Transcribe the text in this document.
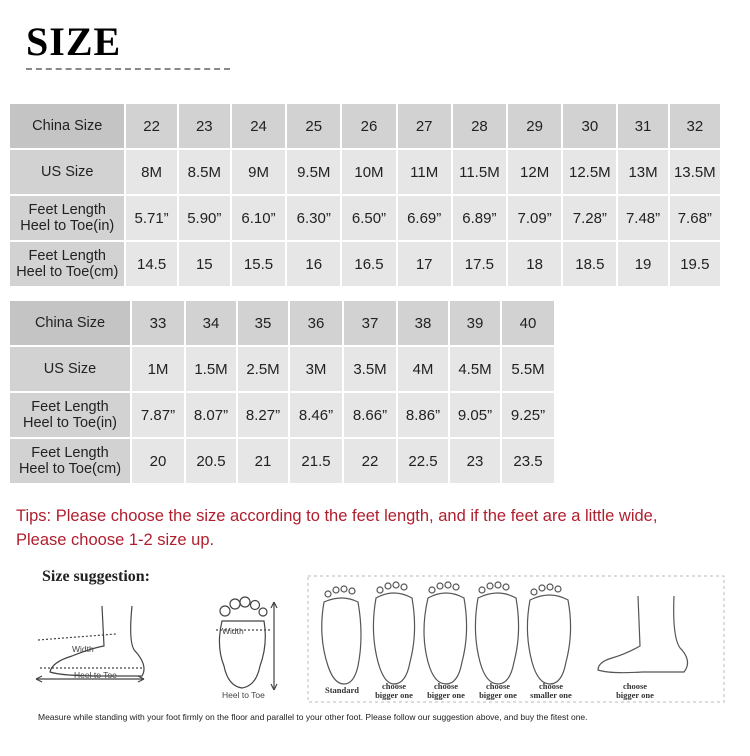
SIZE
China Size	22	23	24	25	26	27	28	29	30	31	32
US Size	8M	8.5M	9M	9.5M	10M	11M	11.5M	12M	12.5M	13M	13.5M
Feet Length
Heel to Toe(in)	5.71”	5.90”	6.10”	6.30”	6.50”	6.69”	6.89”	7.09”	7.28”	7.48”	7.68”
Feet Length
Heel to Toe(cm)	14.5	15	15.5	16	16.5	17	17.5	18	18.5	19	19.5
China Size	33	34	35	36	37	38	39	40
US Size	1M	1.5M	2.5M	3M	3.5M	4M	4.5M	5.5M
Feet Length
Heel to Toe(in)	7.87”	8.07”	8.27”	8.46”	8.66”	8.86”	9.05”	9.25”
Feet Length
Heel to Toe(cm)	20	20.5	21	21.5	22	22.5	23	23.5
Tips: Please choose the size according to the feet length, and if the feet are a little wide,
Please choose 1-2 size up.
Size suggestion:
Width
Heel to Toe
Width
Heel to Toe	Standard	choose
bigger one
choose
bigger one
choose
bigger one
choose
smaller one
choose
bigger one
Measure while standing with your foot firmly on the floor and parallel to your other foot. Please follow our suggestion above, and buy the fitest one.
